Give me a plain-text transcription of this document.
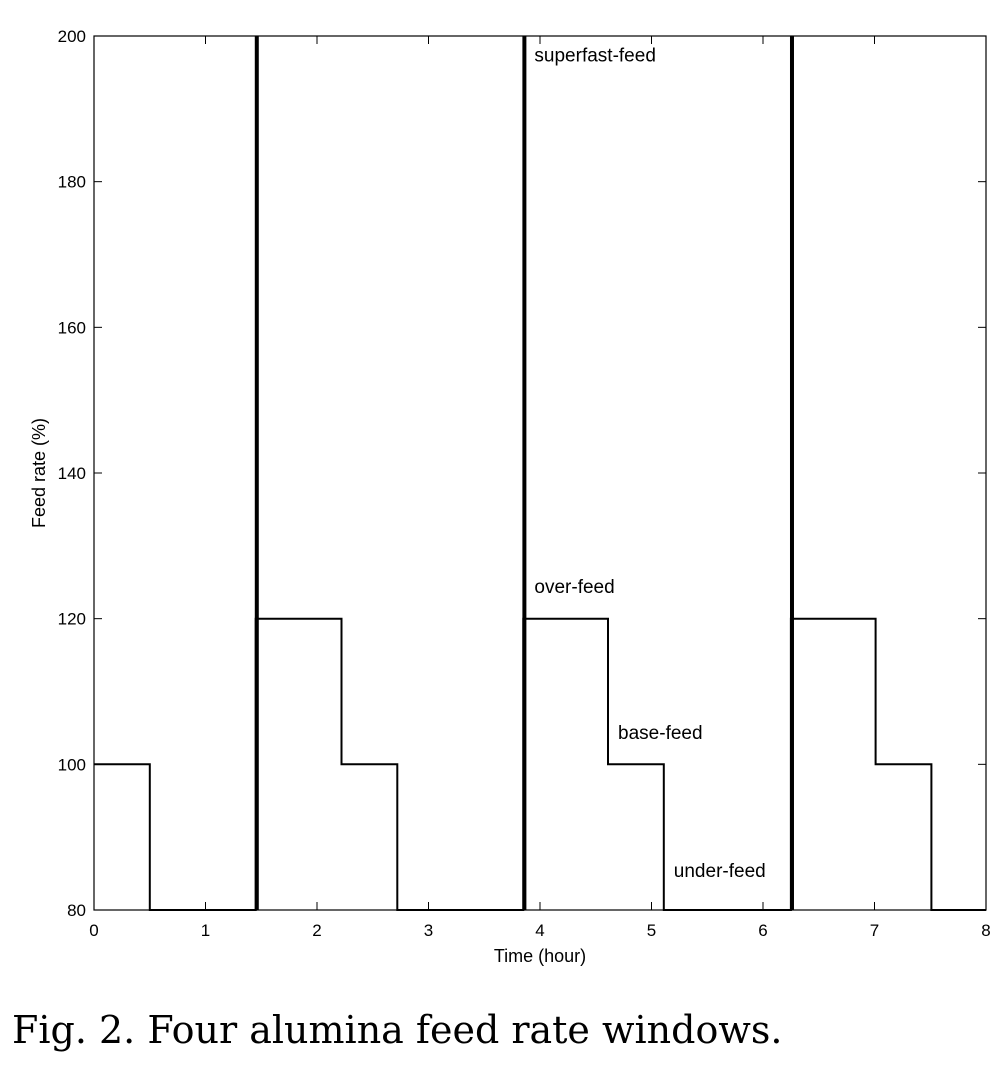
0	1	2	3	4	5	6	7	8
80
100
120
140
160
180
200
superfast-feed
over-feed
base-feed
under-feed
Time (hour)
Feed rate (%)
Fig. 2. Four alumina feed rate windows.
